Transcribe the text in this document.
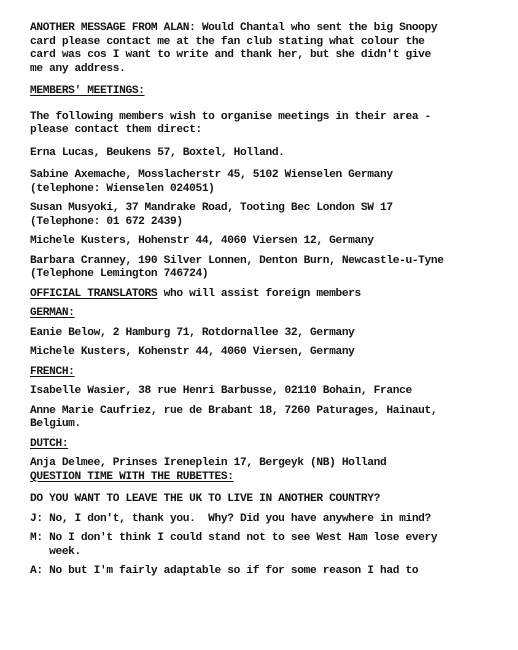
ANOTHER MESSAGE FROM ALAN: Would Chantal who sent the big Snoopy
card please contact me at the fan club stating what colour the
card was cos I want to write and thank her, but she didn't give
me any address.
MEMBERS' MEETINGS:
The following members wish to organise meetings in their area -
please contact them direct:
Erna Lucas, Beukens 57, Boxtel, Holland.
Sabine Axemache, Mosslacherstr 45, 5102 Wienselen Germany
(telephone: Wienselen 024051)
Susan Musyoki, 37 Mandrake Road, Tooting Bec London SW 17
(Telephone: 01 672 2439)
Michele Kusters, Hohenstr 44, 4060 Viersen 12, Germany
Barbara Cranney, 190 Silver Lonnen, Denton Burn, Newcastle-u-Tyne
(Telephone Lemington 746724)
OFFICIAL TRANSLATORS who will assist foreign members
GERMAN:
Eanie Below, 2 Hamburg 71, Rotdornallee 32, Germany
Michele Kusters, Kohenstr 44, 4060 Viersen, Germany
FRENCH:
Isabelle Wasier, 38 rue Henri Barbusse, 02110 Bohain, France
Anne Marie Caufriez, rue de Brabant 18, 7260 Paturages, Hainaut,
Belgium.
DUTCH:
Anja Delmee, Prinses Ireneplein 17, Bergeyk (NB) Holland
QUESTION TIME WITH THE RUBETTES:
DO YOU WANT TO LEAVE THE UK TO LIVE IN ANOTHER COUNTRY?
J: No, I don't, thank you.  Why? Did you have anywhere in mind?
M: No I don't think I could stand not to see West Ham lose every
week.
A: No but I'm fairly adaptable so if for some reason I had to
